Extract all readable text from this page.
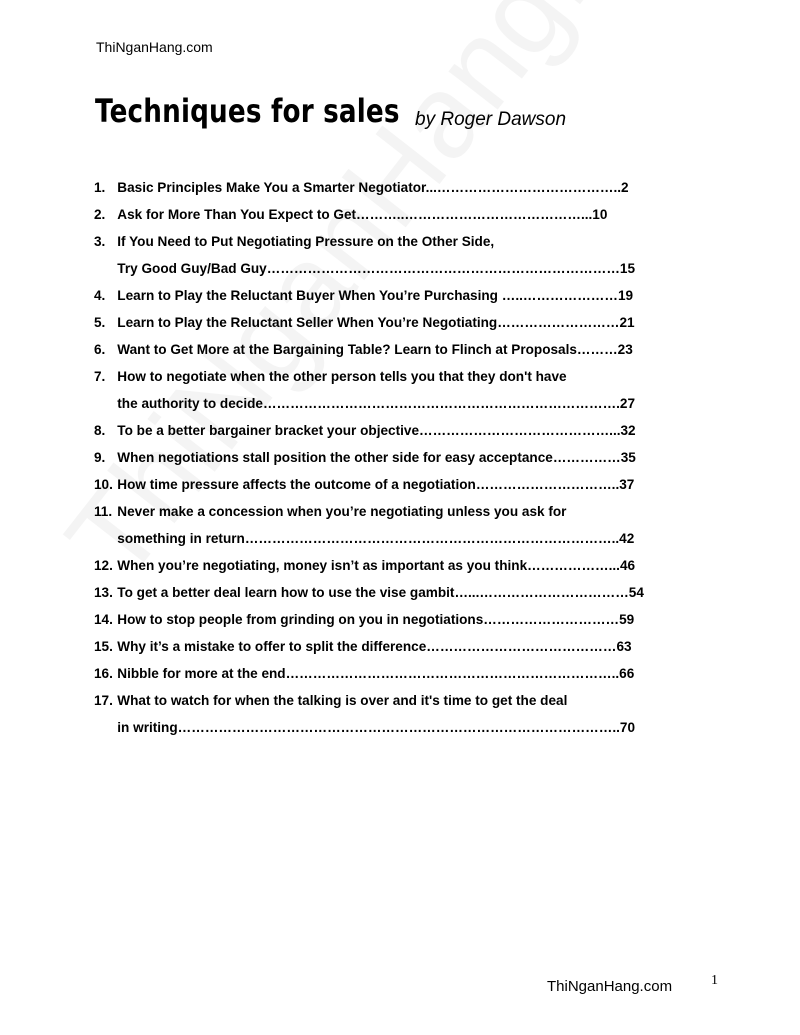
ThiNganHang.com
Techniques for sales by Roger Dawson
1. Basic Principles Make You a Smarter Negotiator...…………………………………..2
2. Ask for More Than You Expect to Get………..…………………………………...10
3. If You Need to Put Negotiating Pressure on the Other Side,
Try Good Guy/Bad Guy……………………………………………………………………15
4. Learn to Play the Reluctant Buyer When You’re Purchasing …..…………………19
5. Learn to Play the Reluctant Seller When You’re Negotiating………………………21
6. Want to Get More at the Bargaining Table? Learn to Flinch at Proposals………23
7. How to negotiate when the other person tells you that they don't have
the authority to decide…………………………………………………………………….27
8. To be a better bargainer bracket your objective……………………………………...32
9. When negotiations stall position the other side for easy acceptance……………35
10. How time pressure affects the outcome of a negotiation…………………………..37
11. Never make a concession when you’re negotiating unless you ask for
something in return………………………………………………………………………..42
12. When you’re negotiating, money isn’t as important as you think………………...46
13. To get a better deal learn how to use the vise gambit…...……………………………54
14. How to stop people from grinding on you in negotiations…………………………59
15. Why it’s a mistake to offer to split the difference……………………………………63
16. Nibble for more at the end………………………………………………………………..66
17. What to watch for when the talking is over and it's time to get the deal
in writing……………………………………………………………………………………..70
ThiNganHang.com	1
